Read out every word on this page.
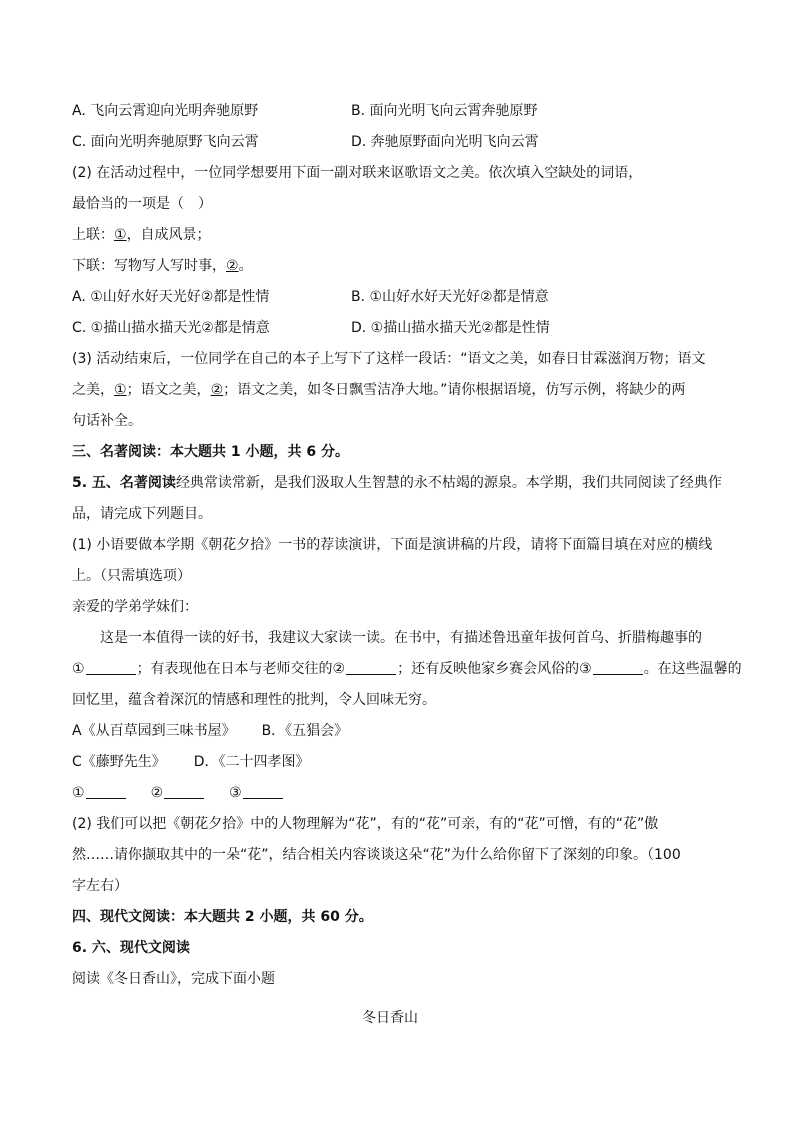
A. 飞向云霄迎向光明奔驰原野	B. 面向光明飞向云霄奔驰原野
C. 面向光明奔驰原野飞向云霄	D. 奔驰原野面向光明飞向云霄
(2) 在活动过程中，一位同学想要用下面一副对联来讴歌语文之美。依次填入空缺处的词语，
最恰当的一项是（　）
上联：①，自成风景；
下联：写物写人写时事，②。
A. ①山好水好天光好②都是性情	B. ①山好水好天光好②都是情意
C. ①描山描水描天光②都是情意	D. ①描山描水描天光②都是性情
(3) 活动结束后，一位同学在自己的本子上写下了这样一段话：“语文之美，如春日甘霖滋润万物；语文
之美，①；语文之美，②；语文之美，如冬日飘雪洁净大地。”请你根据语境，仿写示例，将缺少的两
句话补全。
三、名著阅读：本大题共 1 小题，共 6 分。
5. 五、名著阅读经典常读常新，是我们汲取人生智慧的永不枯竭的源泉。本学期，我们共同阅读了经典作
品，请完成下列题目。
(1) 小语要做本学期《朝花夕拾》一书的荐读演讲，下面是演讲稿的片段，请将下面篇目填在对应的横线
上。（只需填选项）
亲爱的学弟学妹们：
这是一本值得一读的好书，我建议大家读一读。在书中，有描述鲁迅童年拔何首乌、折腊梅趣事的
①	；有表现他在日本与老师交往的②	；还有反映他家乡赛会风俗的③	。在这些温馨的
回忆里，蕴含着深沉的情感和理性的批判，令人回味无穷。
A《从百草园到三味书屋》 B．《五猖会》
C《藤野先生》 D．《二十四孝图》
①	②	③
(2) 我们可以把《朝花夕拾》中的人物理解为“花”，有的“花”可亲，有的“花”可憎，有的“花”傲
然……请你撷取其中的一朵“花”，结合相关内容谈谈这朵“花”为什么给你留下了深刻的印象。（100
字左右）
四、现代文阅读：本大题共 2 小题，共 60 分。
6. 六、现代文阅读
阅读《冬日香山》，完成下面小题
冬日香山
